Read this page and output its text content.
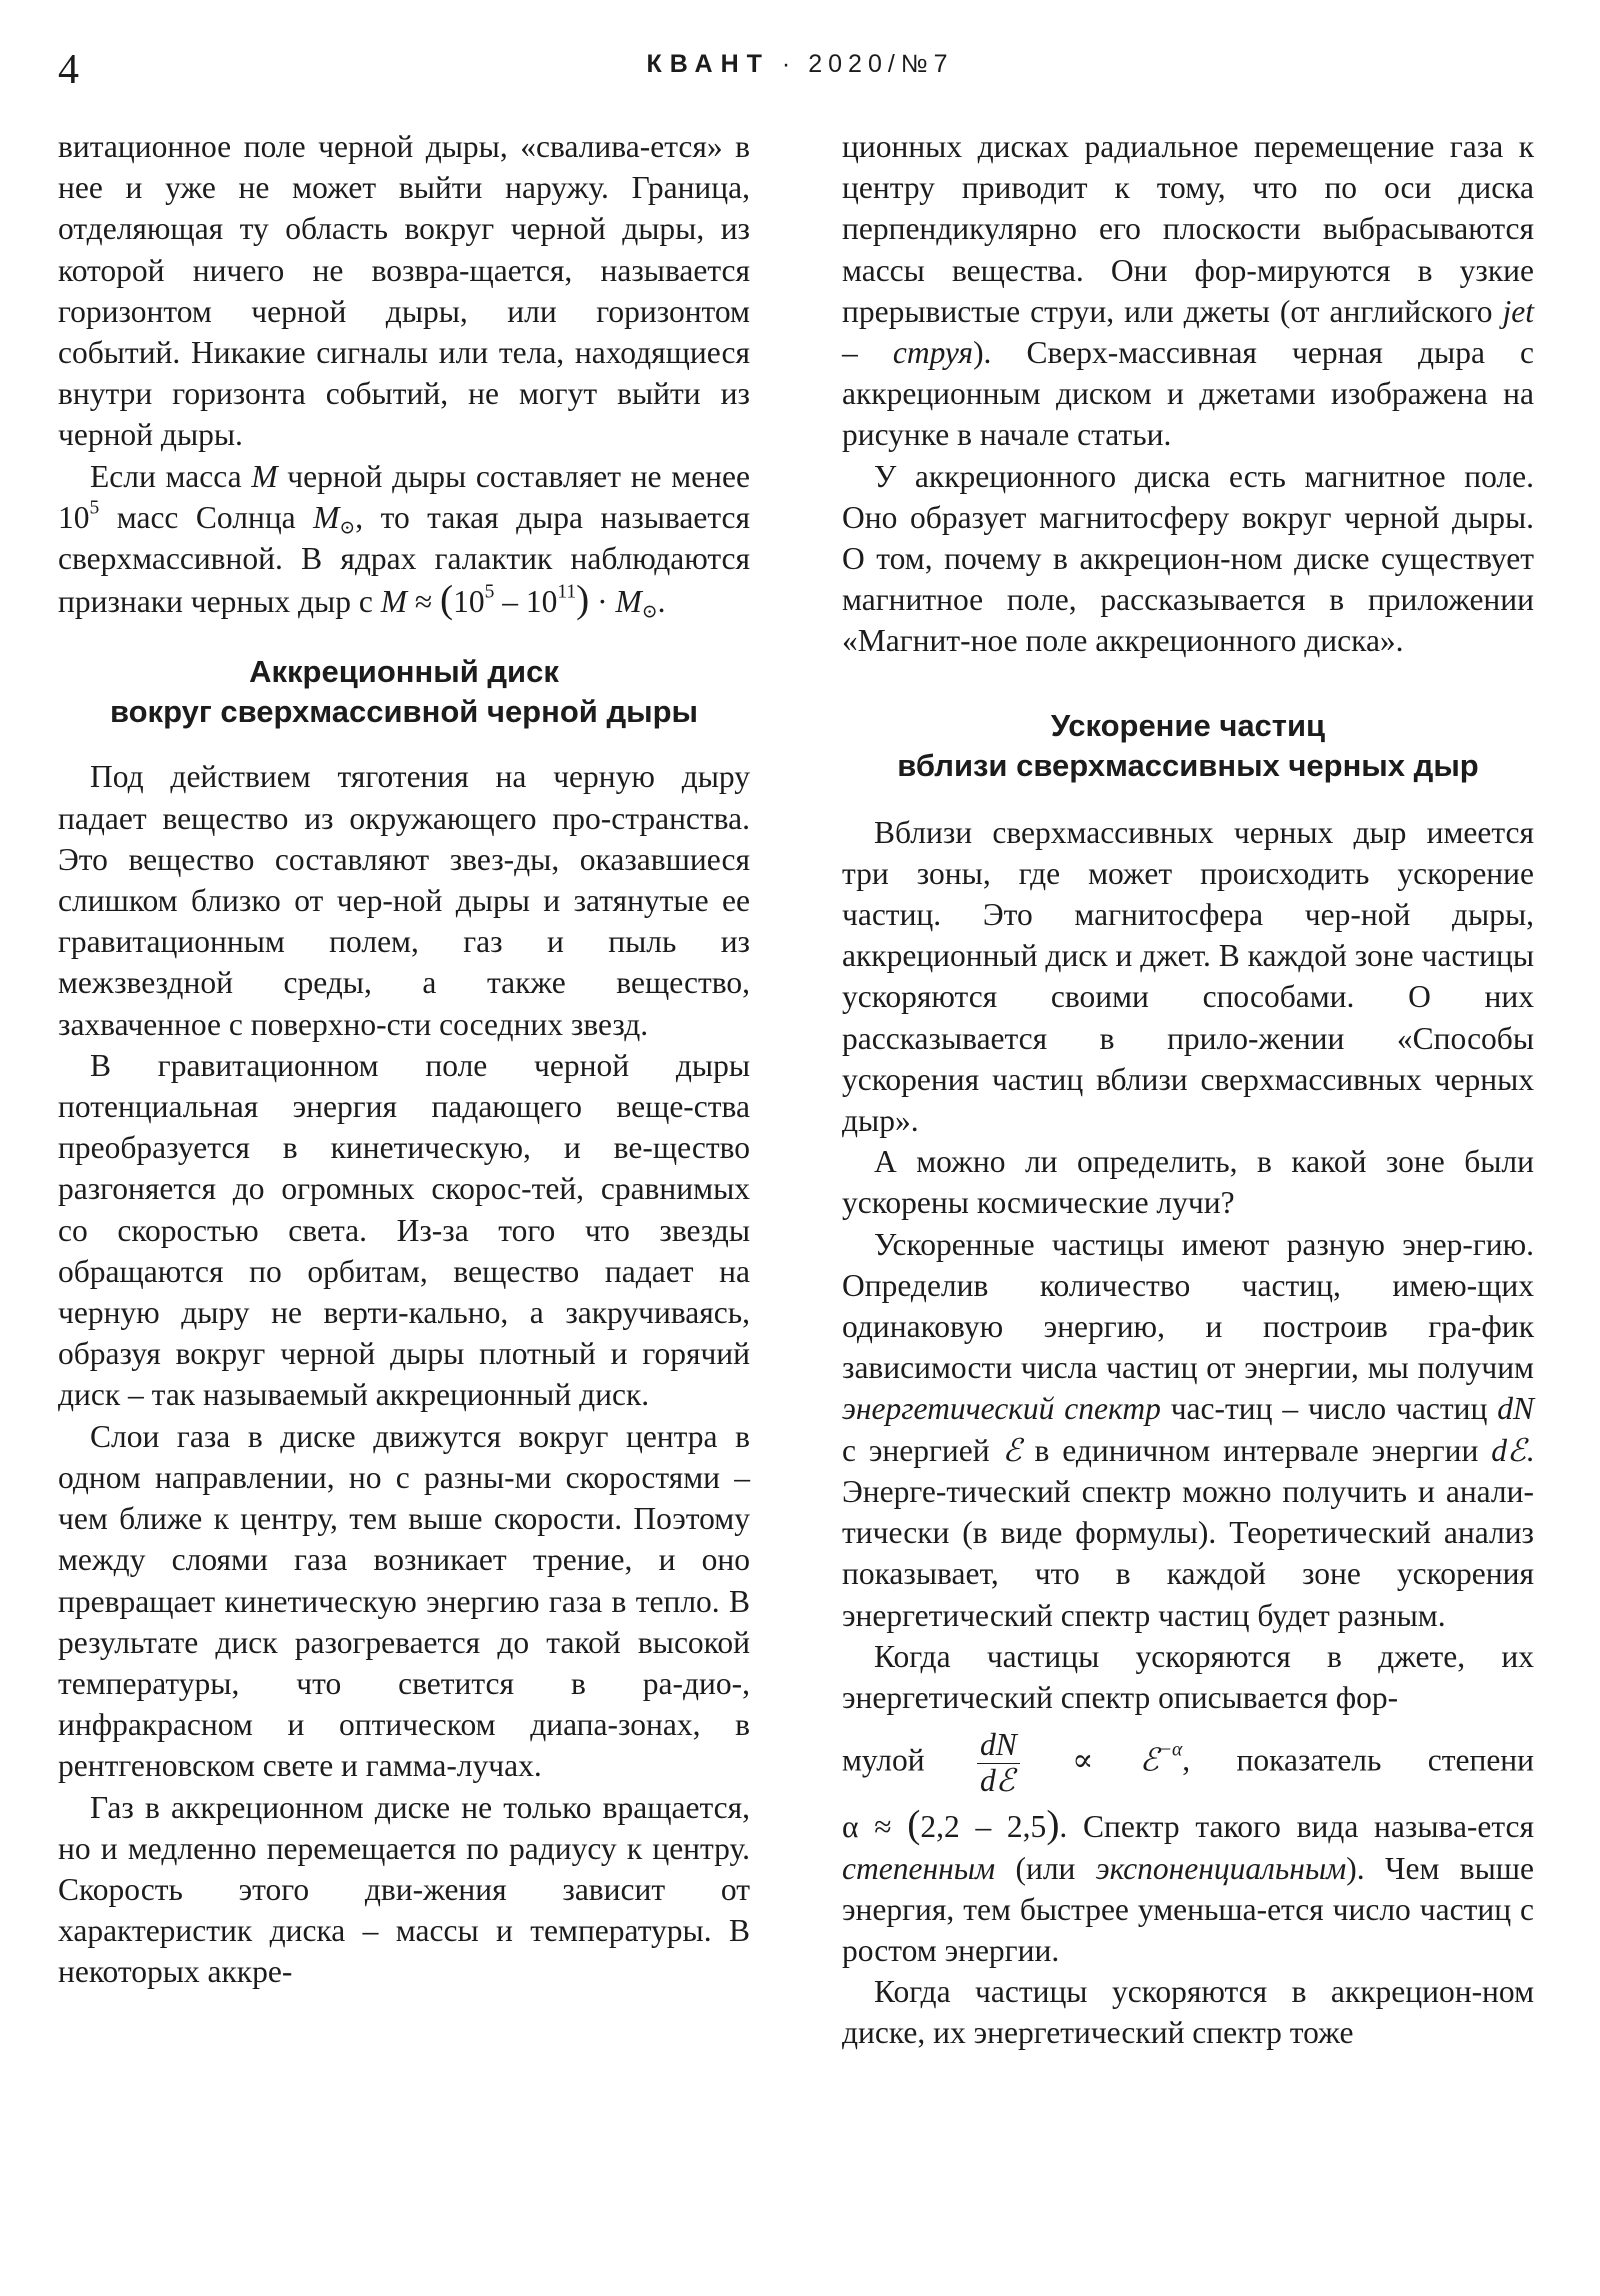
4	КВАНТ · 2020/№7

витационное поле черной дыры, «свалива-ется» в нее и уже не может выйти наружу. Граница, отделяющая ту область вокруг черной дыры, из которой ничего не возвра-щается, называется горизонтом черной дыры, или горизонтом событий. Никакие сигналы или тела, находящиеся внутри горизонта событий, не могут выйти из черной дыры.

Если масса M черной дыры составляет не менее $10^5$ масс Солнца $M_⊙$, то такая дыра называется сверхмассивной. В ядрах галактик наблюдаются признаки черных дыр с $M \approx (10^5 - 10^{11}) \cdot M_⊙$.

Аккреционный диск
вокруг сверхмассивной черной дыры

Под действием тяготения на черную дыру падает вещество из окружающего про-странства. Это вещество составляют звез-ды, оказавшиеся слишком близко от чер-ной дыры и затянутые ее гравитационным полем, газ и пыль из межзвездной среды, а также вещество, захваченное с поверхно-сти соседних звезд.

В гравитационном поле черной дыры потенциальная энергия падающего веще-ства преобразуется в кинетическую, и ве-щество разгоняется до огромных скорос-тей, сравнимых со скоростью света. Из-за того что звезды обращаются по орбитам, вещество падает на черную дыру не верти-кально, а закручиваясь, образуя вокруг черной дыры плотный и горячий диск – так называемый аккреционный диск.

Слои газа в диске движутся вокруг центра в одном направлении, но с разны-ми скоростями – чем ближе к центру, тем выше скорости. Поэтому между слоями газа возникает трение, и оно превращает кинетическую энергию газа в тепло. В результате диск разогревается до такой высокой температуры, что светится в ра-дио-, инфракрасном и оптическом диапа-зонах, в рентгеновском свете и гамма-лучах.

Газ в аккреционном диске не только вращается, но и медленно перемещается по радиусу к центру. Скорость этого дви-жения зависит от характеристик диска – массы и температуры. В некоторых аккре-

ционных дисках радиальное перемещение газа к центру приводит к тому, что по оси диска перпендикулярно его плоскости выбрасываются массы вещества. Они фор-мируются в узкие прерывистые струи, или джеты (от английского jet – струя). Сверх-массивная черная дыра с аккреционным диском и джетами изображена на рисунке в начале статьи.

У аккреционного диска есть магнитное поле. Оно образует магнитосферу вокруг черной дыры. О том, почему в аккрецион-ном диске существует магнитное поле, рассказывается в приложении «Магнит-ное поле аккреционного диска».

Ускорение частиц
вблизи сверхмассивных черных дыр

Вблизи сверхмассивных черных дыр имеется три зоны, где может происходить ускорение частиц. Это магнитосфера чер-ной дыры, аккреционный диск и джет. В каждой зоне частицы ускоряются своими способами. О них рассказывается в прило-жении «Способы ускорения частиц вблизи сверхмассивных черных дыр».

А можно ли определить, в какой зоне были ускорены космические лучи?

Ускоренные частицы имеют разную энер-гию. Определив количество частиц, имею-щих одинаковую энергию, и построив гра-фик зависимости числа частиц от энергии, мы получим энергетический спектр час-тиц – число частиц dN с энергией ℰ в единичном интервале энергии dℰ. Энерге-тический спектр можно получить и анали-тически (в виде формулы). Теоретический анализ показывает, что в каждой зоне ускорения энергетический спектр частиц будет разным.

Когда частицы ускоряются в джете, их энергетический спектр описывается фор-

мулой $\frac{dN}{\text{dℰ}}$ ∝ ℰ$^{-\alpha}$, показатель степени

α ≈ (2,2 – 2,5). Спектр такого вида называ-ется степенным (или экспоненциальным). Чем выше энергия, тем быстрее уменьша-ется число частиц с ростом энергии.

Когда частицы ускоряются в аккрецион-ном диске, их энергетический спектр тоже
